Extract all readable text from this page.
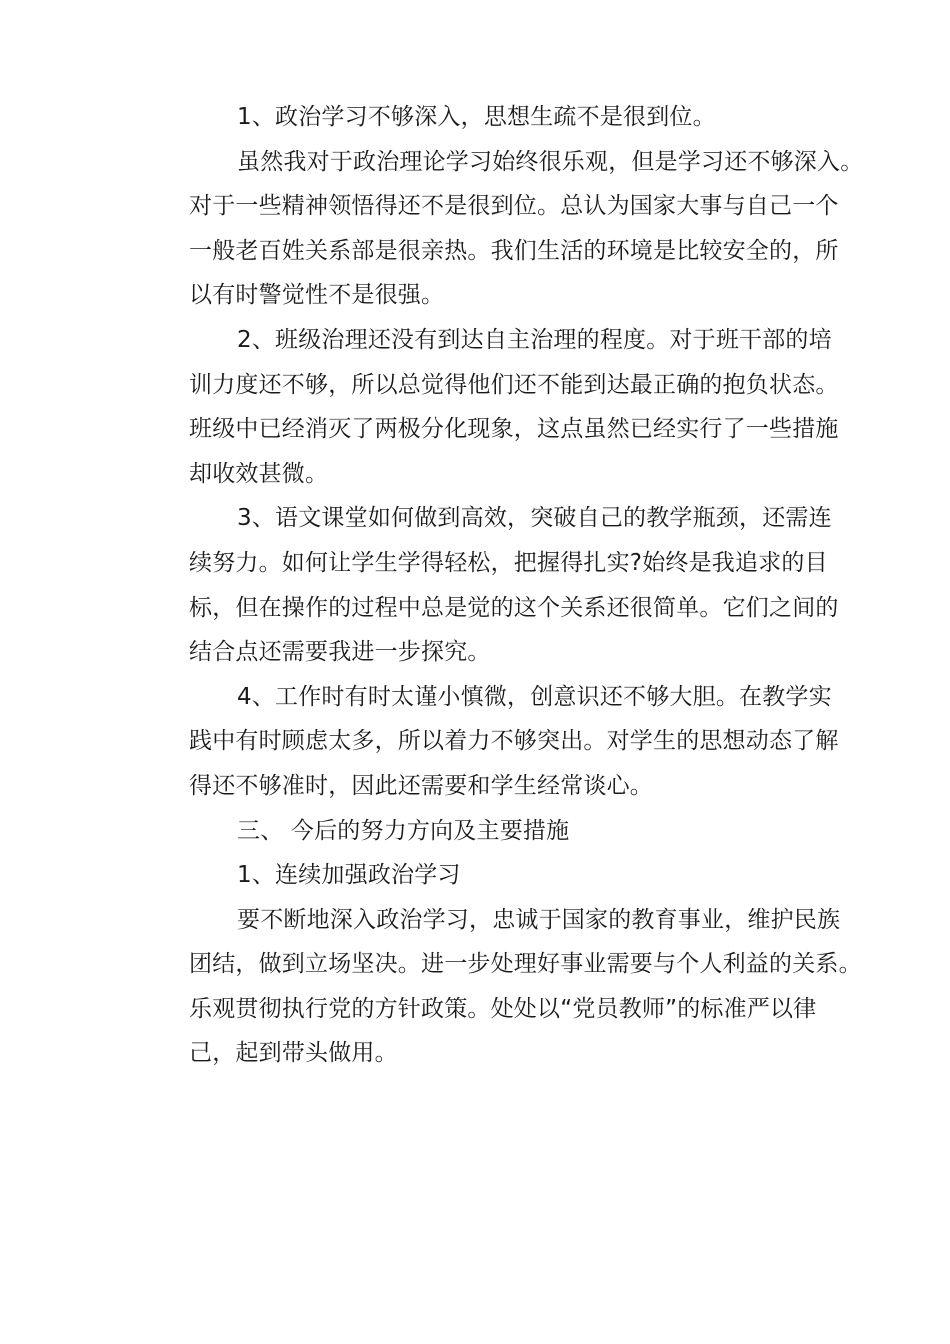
1、政治学习不够深入，思想生疏不是很到位。
虽然我对于政治理论学习始终很乐观，但是学习还不够深入。
对于一些精神领悟得还不是很到位。总认为国家大事与自己一个
一般老百姓关系部是很亲热。我们生活的环境是比较安全的，所
以有时警觉性不是很强。
2、班级治理还没有到达自主治理的程度。对于班干部的培
训力度还不够，所以总觉得他们还不能到达最正确的抱负状态。
班级中已经消灭了两极分化现象，这点虽然已经实行了一些措施
却收效甚微。
3、语文课堂如何做到高效，突破自己的教学瓶颈，还需连
续努力。如何让学生学得轻松，把握得扎实?始终是我追求的目
标，但在操作的过程中总是觉的这个关系还很简单。它们之间的
结合点还需要我进一步探究。
4、工作时有时太谨小慎微，创意识还不够大胆。在教学实
践中有时顾虑太多，所以着力不够突出。对学生的思想动态了解
得还不够准时，因此还需要和学生经常谈心。
三、 今后的努力方向及主要措施
1、连续加强政治学习
要不断地深入政治学习，忠诚于国家的教育事业，维护民族
团结，做到立场坚决。进一步处理好事业需要与个人利益的关系。
乐观贯彻执行党的方针政策。处处以“党员教师”的标准严以律
己，起到带头做用。
